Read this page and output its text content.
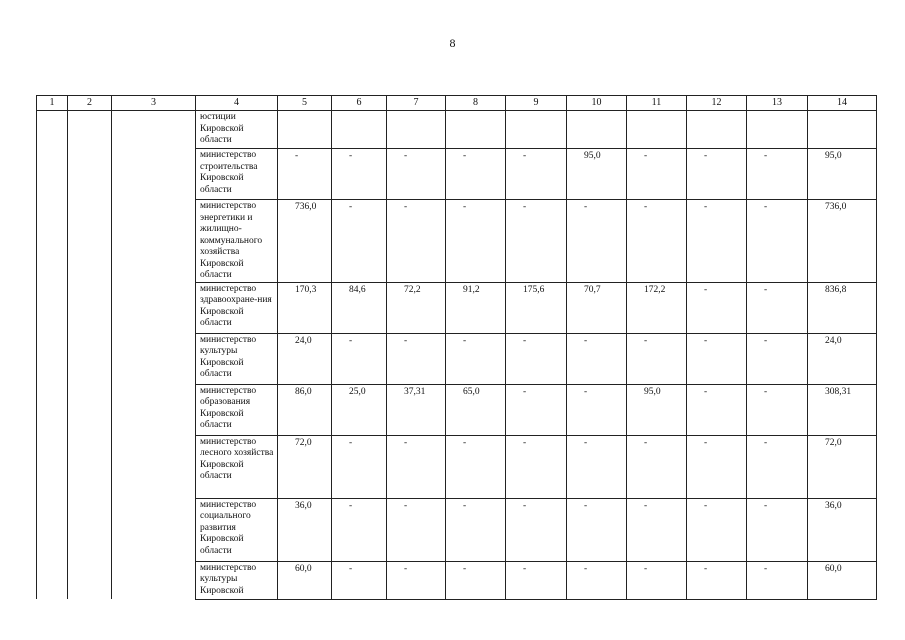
8
1	2	3	4	5	6	7	8	9	10	11	12	13	14
			юстиции Кировской области	

			министерство строительства Кировской области	-	-	-	-	-	95,0	-	-	-	95,0

			министерство энергетики и жилищно-коммунального хозяйства Кировской области	736,0	-	-	-	-	-	-	-	-	736,0

			министерство здравоохране-ния Кировской области	170,3	84,6	72,2	91,2	175,6	70,7	172,2	-	-	836,8

			министерство культуры Кировской области	24,0	-	-	-	-	-	-	-	-	24,0

			министерство образования Кировской области	86,0	25,0	37,31	65,0	-	-	95,0	-	-	308,31

			министерство лесного хозяйства Кировской области	72,0	-	-	-	-	-	-	-	-	72,0

			министерство социального развития Кировской области	36,0	-	-	-	-	-	-	-	-	36,0

			министерство культуры Кировской	60,0	-	-	-	-	-	-	-	-	60,0
